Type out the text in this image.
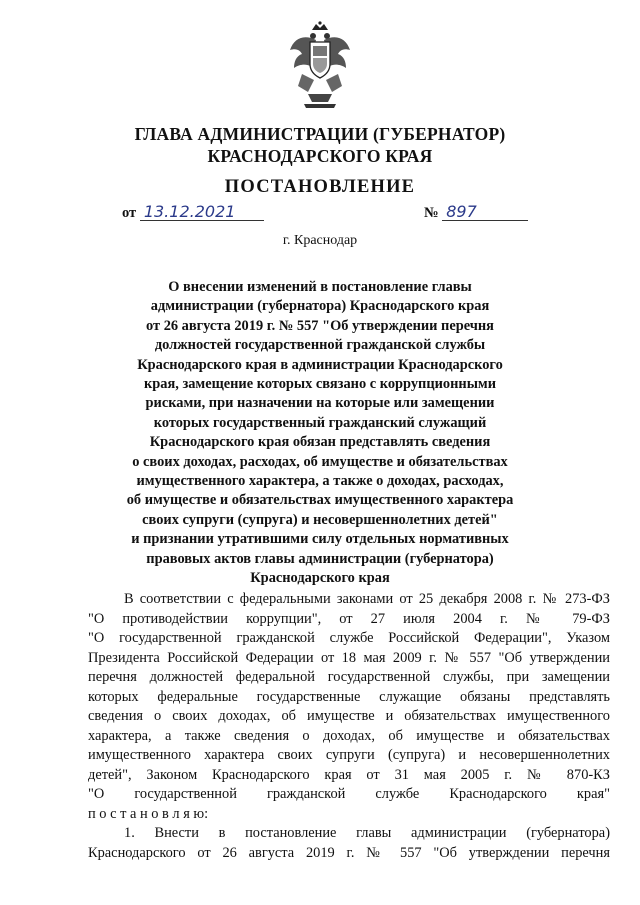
ГЛАВА АДМИНИСТРАЦИИ (ГУБЕРНАТОР)
КРАСНОДАРСКОГО КРАЯ
ПОСТАНОВЛЕНИЕ
от 13.12.2021	№ 897
г. Краснодар
О внесении изменений в постановление главы
администрации (губернатора) Краснодарского края
от 26 августа 2019 г. № 557 "Об утверждении перечня
должностей государственной гражданской службы
Краснодарского края в администрации Краснодарского
края, замещение которых связано с коррупционными
рисками, при назначении на которые или замещении
которых государственный гражданский служащий
Краснодарского края обязан представлять сведения
о своих доходах, расходах, об имуществе и обязательствах
имущественного характера, а также о доходах, расходах,
об имуществе и обязательствах имущественного характера
своих супруги (супруга) и несовершеннолетних детей"
и признании утратившими силу отдельных нормативных
правовых актов главы администрации (губернатора)
Краснодарского края
В соответствии с федеральными законами от 25 декабря 2008 г. № 273-ФЗ
"О противодействии коррупции", от 27 июля 2004 г. № 79-ФЗ
"О государственной гражданской службе Российской Федерации", Указом
Президента Российской Федерации от 18 мая 2009 г. № 557 "Об утверждении
перечня должностей федеральной государственной службы, при замещении
которых федеральные государственные служащие обязаны представлять
сведения о своих доходах, об имуществе и обязательствах имущественного
характера, а также сведения о доходах, об имуществе и обязательствах
имущественного характера своих супруги (супруга) и несовершеннолетних
детей", Законом Краснодарского края от 31 мая 2005 г. № 870-КЗ
"О государственной гражданской службе Краснодарского края"
п о с т а н о в л я ю:
1. Внести в постановление главы администрации (губернатора)
Краснодарского от 26 августа 2019 г. № 557 "Об утверждении перечня
